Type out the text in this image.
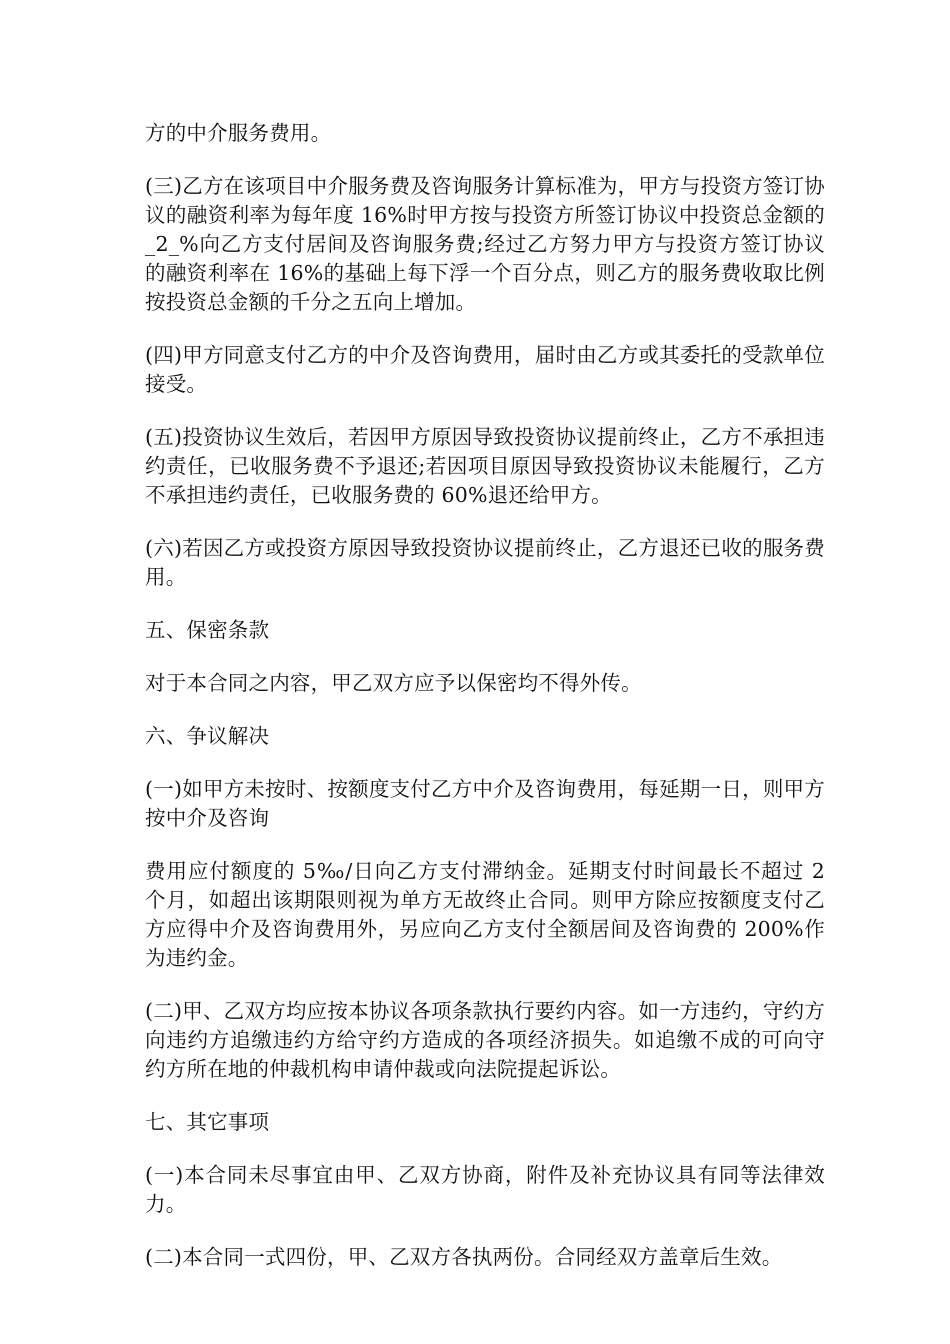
方的中介服务费用。

(三)乙方在该项目中介服务费及咨询服务计算标准为，甲方与投资方签订协议的融资利率为每年度 16%时甲方按与投资方所签订协议中投资总金额的_2_%向乙方支付居间及咨询服务费;经过乙方努力甲方与投资方签订协议的融资利率在 16%的基础上每下浮一个百分点，则乙方的服务费收取比例按投资总金额的千分之五向上增加。

(四)甲方同意支付乙方的中介及咨询费用，届时由乙方或其委托的受款单位接受。

(五)投资协议生效后，若因甲方原因导致投资协议提前终止，乙方不承担违约责任，已收服务费不予退还;若因项目原因导致投资协议未能履行，乙方不承担违约责任，已收服务费的 60%退还给甲方。

(六)若因乙方或投资方原因导致投资协议提前终止，乙方退还已收的服务费用。

五、保密条款

对于本合同之内容，甲乙双方应予以保密均不得外传。

六、争议解决

(一)如甲方未按时、按额度支付乙方中介及咨询费用，每延期一日，则甲方按中介及咨询

费用应付额度的 5‰/日向乙方支付滞纳金。延期支付时间最长不超过 2 个月，如超出该期限则视为单方无故终止合同。则甲方除应按额度支付乙方应得中介及咨询费用外，另应向乙方支付全额居间及咨询费的 200%作为违约金。

(二)甲、乙双方均应按本协议各项条款执行要约内容。如一方违约，守约方向违约方追缴违约方给守约方造成的各项经济损失。如追缴不成的可向守约方所在地的仲裁机构申请仲裁或向法院提起诉讼。

七、其它事项

(一)本合同未尽事宜由甲、乙双方协商，附件及补充协议具有同等法律效力。

(二)本合同一式四份，甲、乙双方各执两份。合同经双方盖章后生效。
